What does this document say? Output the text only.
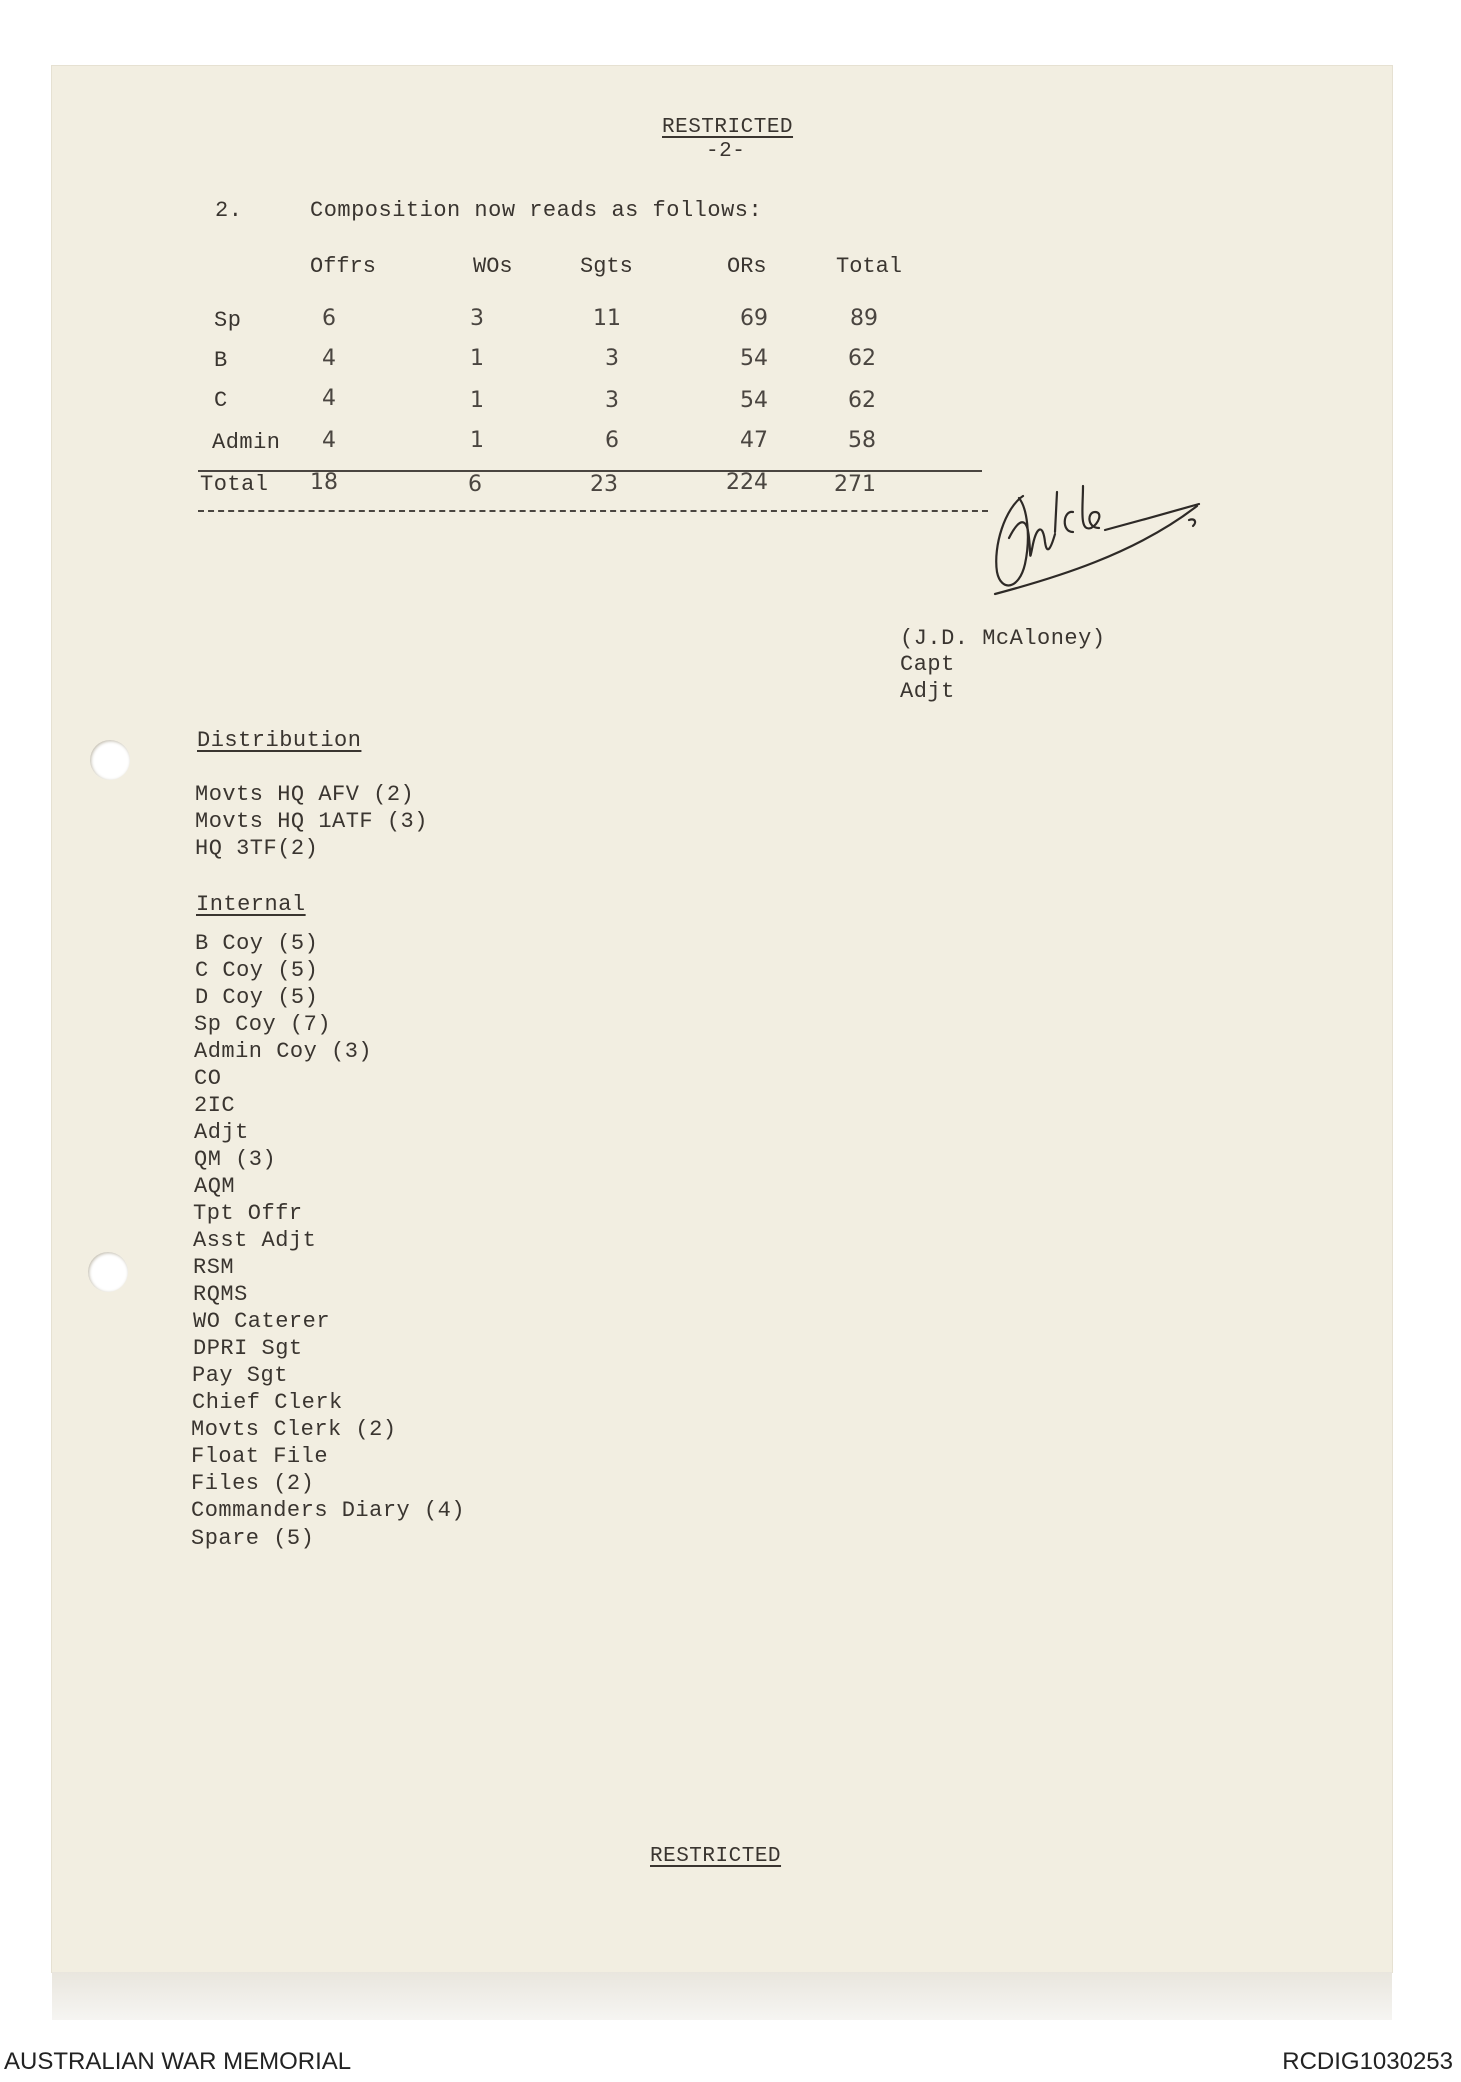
RESTRICTED
-2-
2.	Composition now reads as follows:
Offrs	WOs	Sgts	ORs	Total
Sp	6	3	11	69	89
B	4	1	3	54	62
C	4	1	3	54	62
Admin 4	1	6	47	58
Total 18	6	23	224	271
(J.D. McAloney)
Capt
Adjt
Distribution
Movts HQ AFV (2)
Movts HQ 1ATF (3)
HQ 3TF(2)
Internal
B Coy (5)
C Coy (5)
D Coy (5)
Sp Coy (7)
Admin Coy (3)
CO
2IC
Adjt
QM (3)
AQM
Tpt Offr
Asst Adjt
RSM
RQMS
WO Caterer
DPRI Sgt
Pay Sgt
Chief Clerk
Movts Clerk (2)
Float File
Files (2)
Commanders Diary (4)
Spare (5)
RESTRICTED
AUSTRALIAN WAR MEMORIAL	RCDIG1030253
